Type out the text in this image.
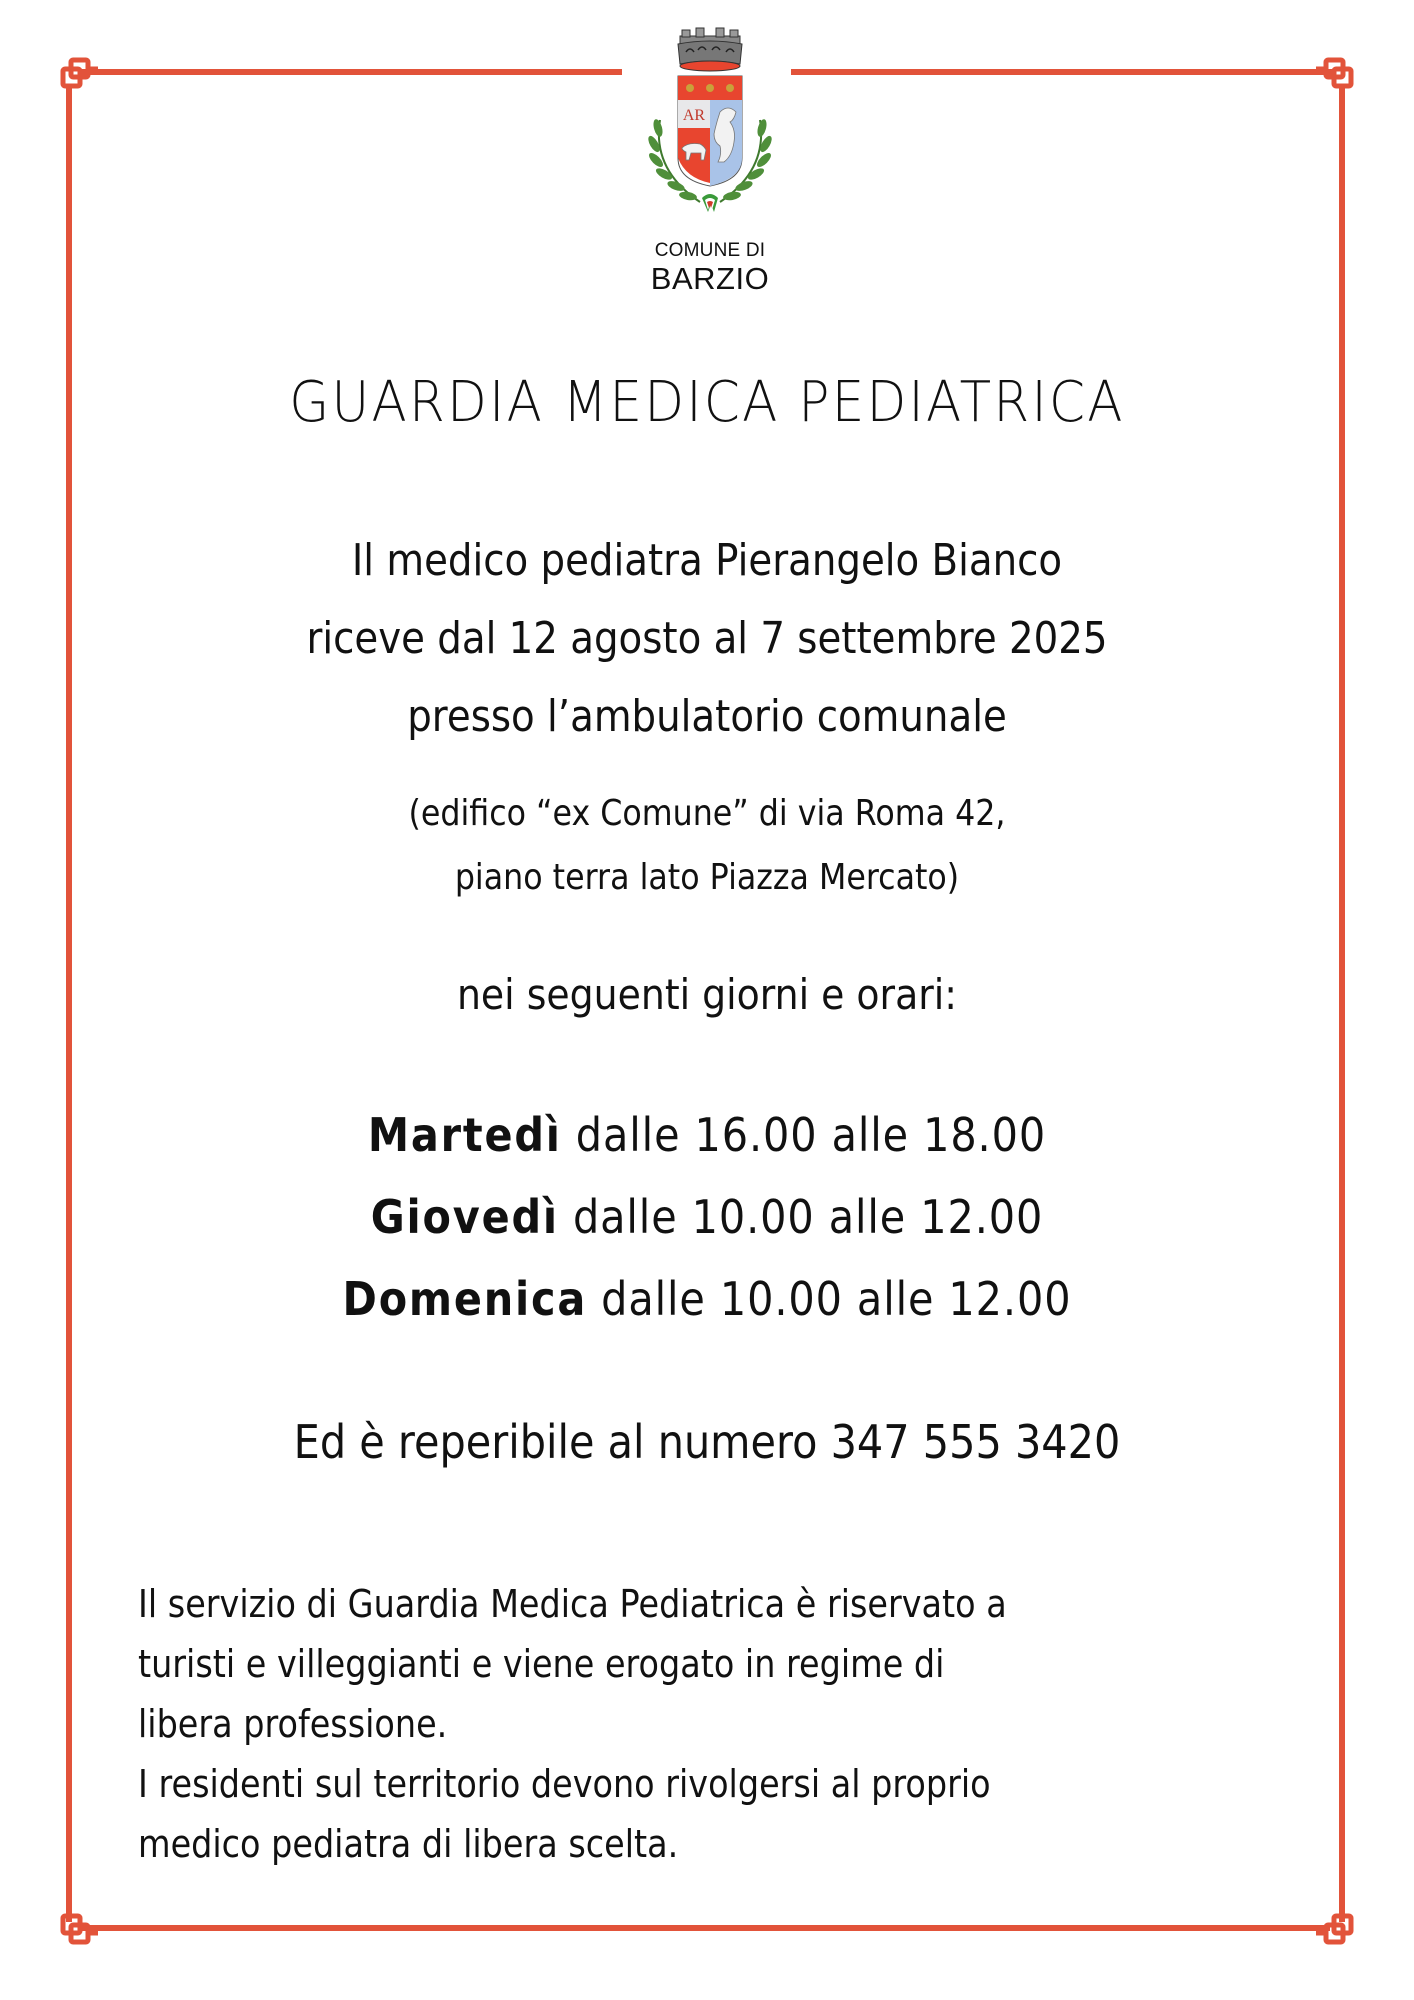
AR
COMUNE DI
BARZIO
GUARDIA MEDICA PEDIATRICA
Il medico pediatra Pierangelo Bianco
riceve dal 12 agosto al 7 settembre 2025
presso l’ambulatorio comunale
(edifico “ex Comune” di via Roma 42,
piano terra lato Piazza Mercato)
nei seguenti giorni e orari:
Martedì dalle 16.00 alle 18.00
Giovedì dalle 10.00 alle 12.00
Domenica dalle 10.00 alle 12.00
Ed è reperibile al numero 347 555 3420
Il servizio di Guardia Medica Pediatrica è riservato a
turisti e villeggianti e viene erogato in regime di
libera professione.
I residenti sul territorio devono rivolgersi al proprio
medico pediatra di libera scelta.
